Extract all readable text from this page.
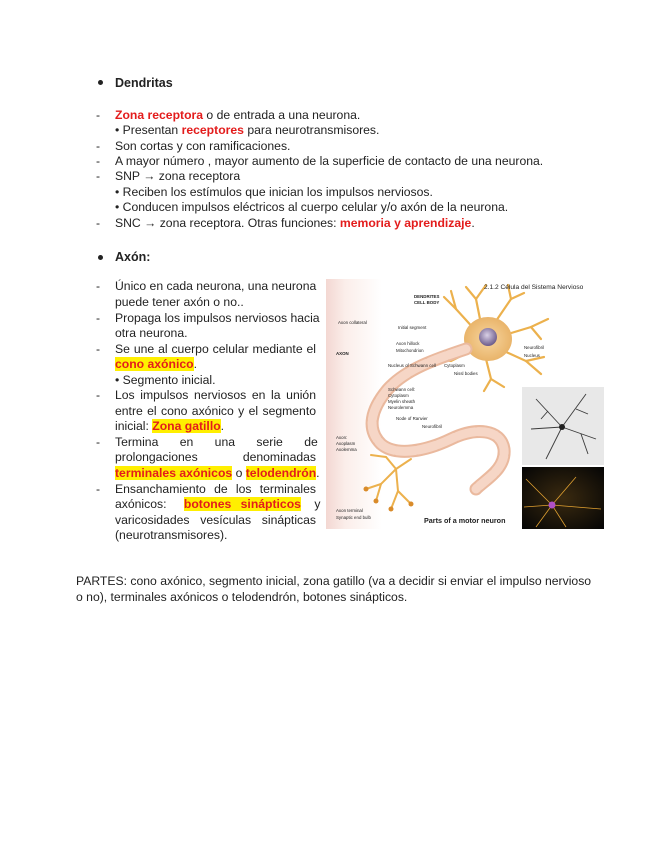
Dendritas
- Zona receptora o de entrada a una neurona.
• Presentan receptores para neurotransmisores.
- Son cortas y con ramificaciones.
- A mayor número , mayor aumento de la superficie de contacto de una neurona.
- SNP → zona receptora
• Reciben los estímulos que inician los impulsos nerviosos.
• Conducen impulsos eléctricos al cuerpo celular y/o axón de la neurona.
- SNC → zona receptora. Otras funciones: memoria y aprendizaje.
Axón:
- Único en cada neurona, una neurona
puede tener axón o no..
- Propaga los impulsos nerviosos hacia
otra neurona.
- Se une al cuerpo celular mediante el
cono axónico.
• Segmento inicial.
- Los impulsos nerviosos en la unión
entre el cono axónico y el segmento
inicial: Zona gatillo.
- Termina en una serie de
prolongaciones denominadas
terminales axónicos o telodendrón.
- Ensanchamiento de los terminales
axónicos: botones sinápticos y
varicosidades vesículas sinápticas
(neurotransmisores).
2.1.2 Célula del Sistema Nervioso
Parts of a motor neuron
DENDRITES
CELL BODY
Axon collateral
Initial segment
Axon hillock
Mitochondrion
AXON
Nucleus of Schwann cell Cytoplasm
Nissl bodies
Neurofibril
Nucleus
Schwann cell:
Cytoplasm
Myelin sheath
Neurolemma
Node of Ranvier
Neurofibril
Axon:
Axoplasm
Axolemma
Axon terminal
Synaptic end bulb
PARTES: cono axónico, segmento inicial, zona gatillo (va a decidir si enviar el impulso nervioso
o no), terminales axónicos o telodendrón, botones sinápticos.
